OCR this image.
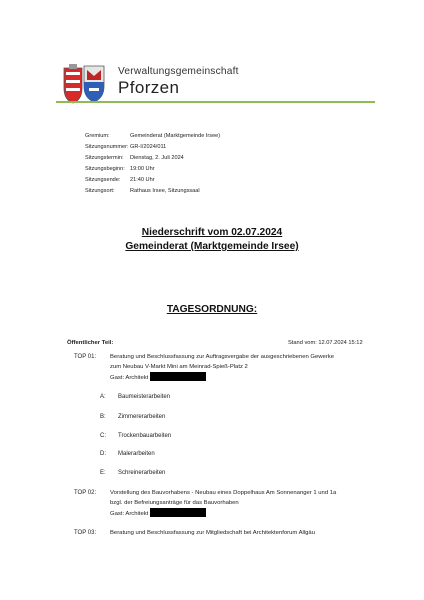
Verwaltungsgemeinschaft
Pforzen
Gremium:	Gemeinderat (Marktgemeinde Irsee)
Sitzungsnummer: GR-I/2024/011
Sitzungstermin:	Dienstag, 2. Juli 2024
Sitzungsbeginn: 19:00 Uhr
Sitzungsende:	21:40 Uhr
Sitzungsort:	Rathaus Irsee, Sitzungssaal
Niederschrift vom 02.07.2024
Gemeinderat (Marktgemeinde Irsee)
TAGESORDNUNG:
Öffentlicher Teil:	Stand vom: 12.07.2024 15:12
TOP 01: Beratung und Beschlussfassung zur Auftragsvergabe der ausgeschriebenen Gewerke
zum Neubau V-Markt Mini am Meinrad-Spieß-Platz 2
Gast: Architekt
A: Baumeisterarbeiten
B: Zimmererarbeiten
C: Trockenbauarbeiten
D: Malerarbeiten
E: Schreinerarbeiten
TOP 02: Vorstellung des Bauvorhabens - Neubau eines Doppelhaus Am Sonnenanger 1 und 1a
bzgl. der Befreiungsanträge für das Bauvorhaben
Gast: Architekt
TOP 03: Beratung und Beschlussfassung zur Mitgliedschaft bei Architektenforum Allgäu
